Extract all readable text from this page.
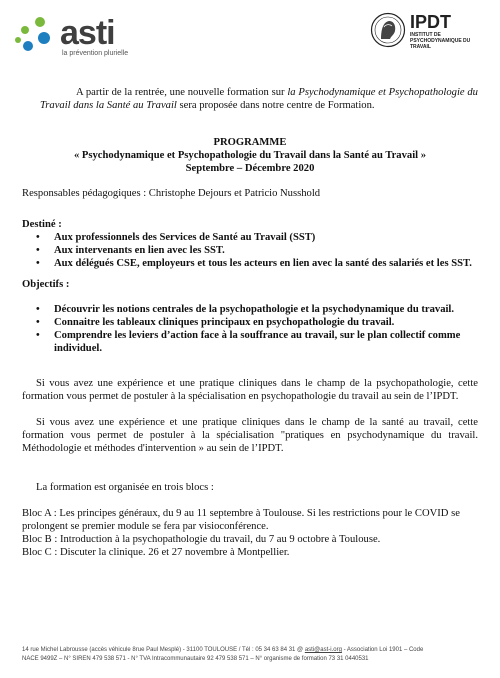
asti
la prévention plurielle
IPDT
INSTITUT DE PSYCHODYNAMIQUE DU TRAVAIL

A partir de la rentrée, une nouvelle formation sur la Psychodynamique et Psychopathologie du Travail dans la Santé au Travail sera proposée dans notre centre de Formation.

PROGRAMME

« Psychodynamique et Psychopathologie du Travail dans la Santé au Travail »

Septembre – Décembre 2020

Responsables pédagogiques : Christophe Dejours et Patricio Nusshold

Destiné :

• Aux professionnels des Services de Santé au Travail (SST)
• Aux intervenants en lien avec les SST.
• Aux délégués CSE, employeurs et tous les acteurs en lien avec la santé des salariés et les SST.

Objectifs :

• Découvrir les notions centrales de la psychopathologie et la psychodynamique du travail.
• Connaitre les tableaux cliniques principaux en psychopathologie du travail.
• Comprendre les leviers d’action face à la souffrance au travail, sur le plan collectif comme individuel.

Si vous avez une expérience et une pratique cliniques dans le champ de la psychopathologie, cette formation vous permet de postuler à la spécialisation en psychopathologie du travail au sein de l’IPDT.

Si vous avez une expérience et une pratique cliniques dans le champ de la santé au travail, cette formation vous permet de postuler à la spécialisation "pratiques en psychodynamique du travail. Méthodologie et méthodes d'intervention » au sein de l’IPDT.

La formation est organisée en trois blocs :

Bloc A : Les principes généraux, du 9 au 11 septembre à Toulouse. Si les restrictions pour le COVID se prolongent se premier module se fera par visioconférence.

Bloc B : Introduction à la psychopathologie du travail, du 7 au 9 octobre à Toulouse.

Bloc C : Discuter la clinique. 26 et 27 novembre à Montpellier.

14 rue Michel Labrousse (accès véhicule 8rue Paul Mesplé) - 31100 TOULOUSE / Tél : 05 34 63 84 31 @ asti@ast-i.org - Association Loi 1901 – Code
NACE 9499Z – N° SIREN 479 538 571 - N° TVA Intracommunautaire 92 479 538 571 – N° organisme de formation 73 31 0440531
